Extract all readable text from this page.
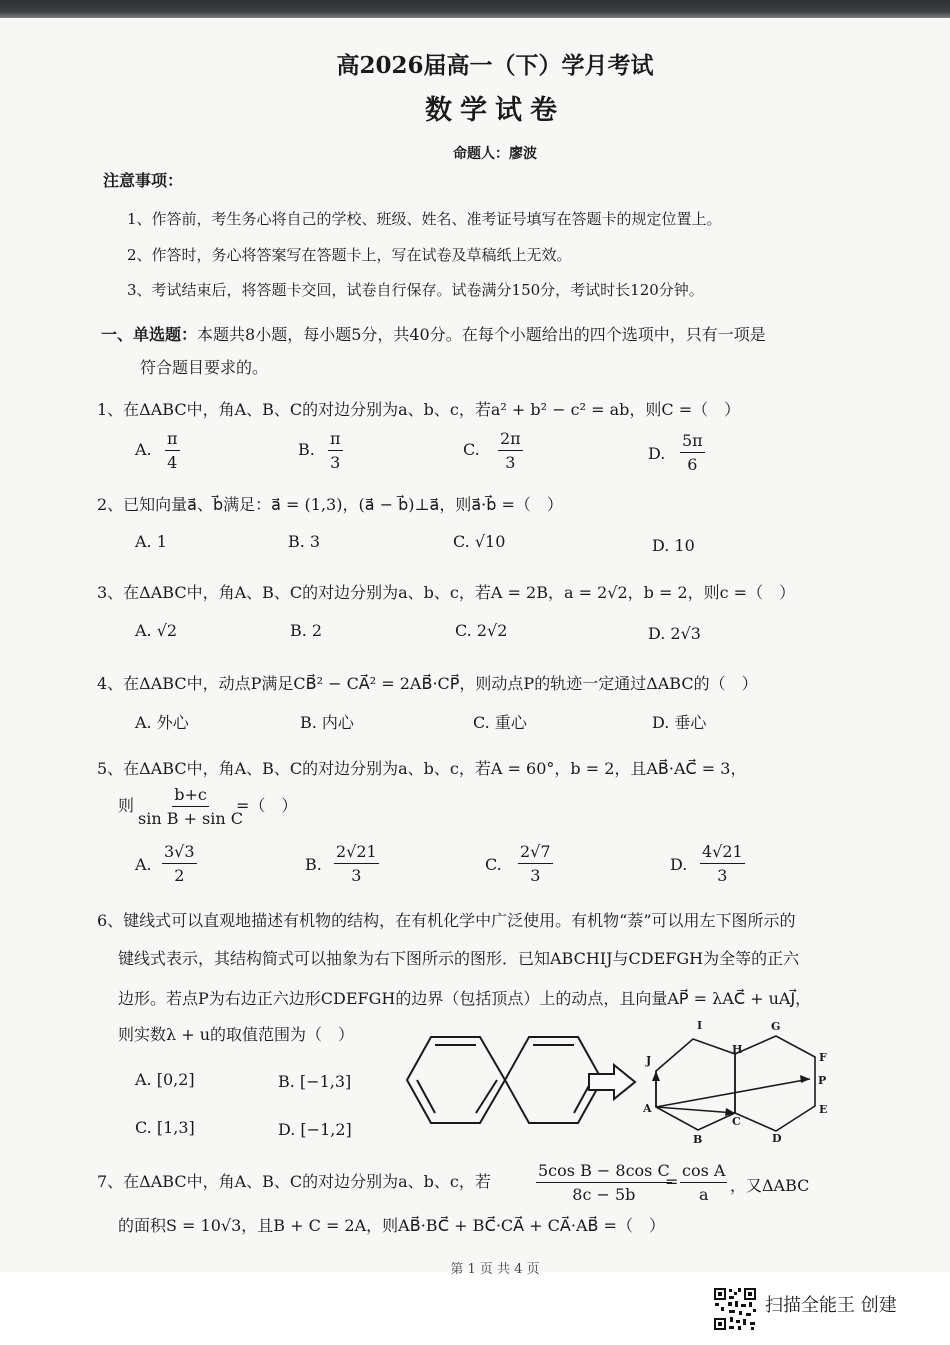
高2026届高一（下）学月考试
数学试卷
命题人：廖波
注意事项：
1、作答前，考生务心将自己的学校、班级、姓名、准考证号填写在答题卡的规定位置上。
2、作答时，务心将答案写在答题卡上，写在试卷及草稿纸上无效。
3、考试结束后，将答题卡交回，试卷自行保存。试卷满分150分，考试时长120分钟。
一、单选题：本题共8小题，每小题5分，共40分。在每个小题给出的四个选项中，只有一项是
符合题目要求的。
1、在ΔABC中，角A、B、C的对边分别为a、b、c，若a² + b² − c² = ab，则C =（　）
A. $\frac{\pi}{4}$	B. $\frac{\pi}{3}$	C. $\frac{2\pi}{3}$	D. $\frac{5\pi}{6}$
2、已知向量a⃗、b⃗满足：a⃗ = (1,3)，(a⃗ − b⃗)⊥a⃗，则a⃗·b⃗ =（　）
A. 1	B. 3	C. √10	D. 10
3、在ΔABC中，角A、B、C的对边分别为a、b、c，若A = 2B，a = 2√2，b = 2，则c =（　）
A. √2	B. 2	C. 2√2	D. 2√3
4、在ΔABC中，动点P满足CB⃗² − CA⃗² = 2AB⃗·CP⃗，则动点P的轨迹一定通过ΔABC的（　）
A. 外心	B. 内心	C. 重心	D. 垂心
5、在ΔABC中，角A、B、C的对边分别为a、b、c，若A = 60°，b = 2，且AB⃗·AC⃗ = 3，
则 $\frac{b+c}{\text{sin B + sin C}}$
=（　）
A. $\frac{3√3}{2}$	B. $\frac{2√21}{3}$	C. $\frac{2√7}{3}$	D. $\frac{4√21}{3}$
6、键线式可以直观地描述有机物的结构，在有机化学中广泛使用。有机物“萘”可以用左下图所示的
键线式表示，其结构简式可以抽象为右下图所示的图形．已知ABCHIJ与CDEFGH为全等的正六
边形。若点P为右边正六边形CDEFGH的边界（包括顶点）上的动点，且向量AP⃗ = λAC⃗ + uAJ⃗，
则实数λ + u的取值范围为（　）
A. [0,2]	B. [−1,3]
C. [1,3]	D. [−1,2]
A
B
C
D
E
F
G
H
I
J
P
7、在ΔABC中，角A、B、C的对边分别为a、b、c，若	$\frac{\text{5cos B − 8cos C}}{8c - 5b}$
= $\frac{\text{cos A}}{a}$ ，又ΔABC
的面积S = 10√3，且B + C = 2A，则AB⃗·BC⃗ + BC⃗·CA⃗ + CA⃗·AB⃗ =（　）
第 1 页 共 4 页
扫描全能王 创建
